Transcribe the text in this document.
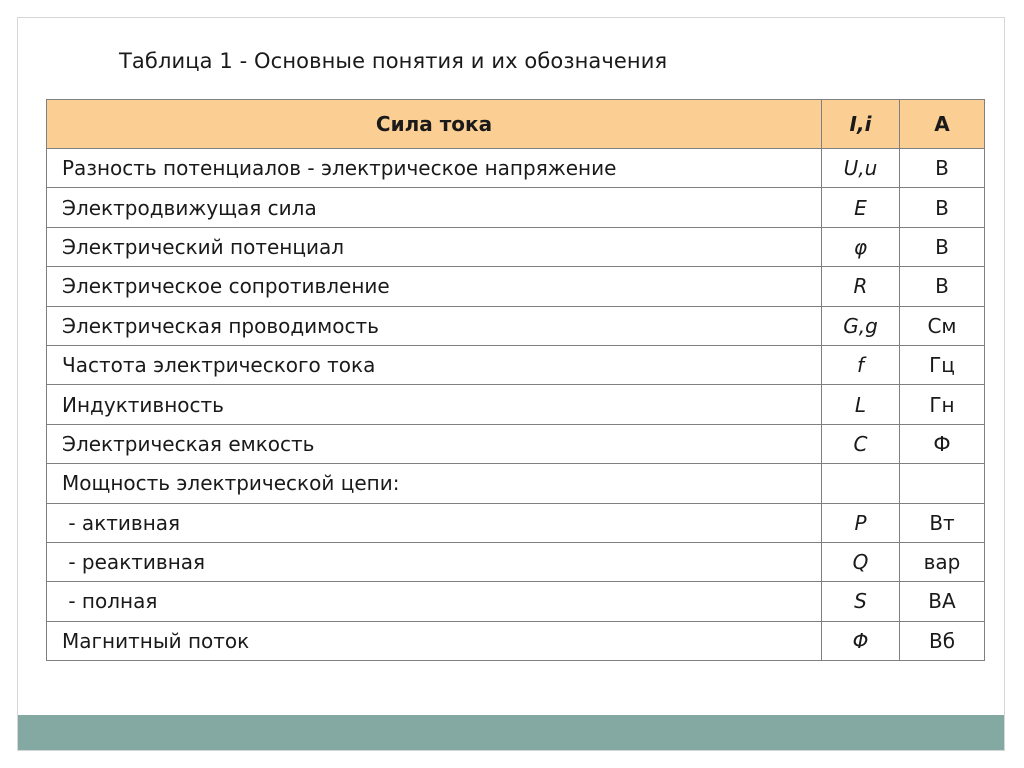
Таблица 1 - Основные понятия и их обозначения
Сила тока	I,i	А
Разность потенциалов - электрическое напряжение	U,u	В
Электродвижущая сила	E	В
Электрический потенциал	φ	В
Электрическое сопротивление	R	В
Электрическая проводимость	G,g	См
Частота электрического тока	f	Гц
Индуктивность	L	Гн
Электрическая емкость	C	Ф
Мощность электрической цепи:		
- активная	P	Вт
- реактивная	Q	вар
- полная	S	ВА
Магнитный поток	Φ	Вб
